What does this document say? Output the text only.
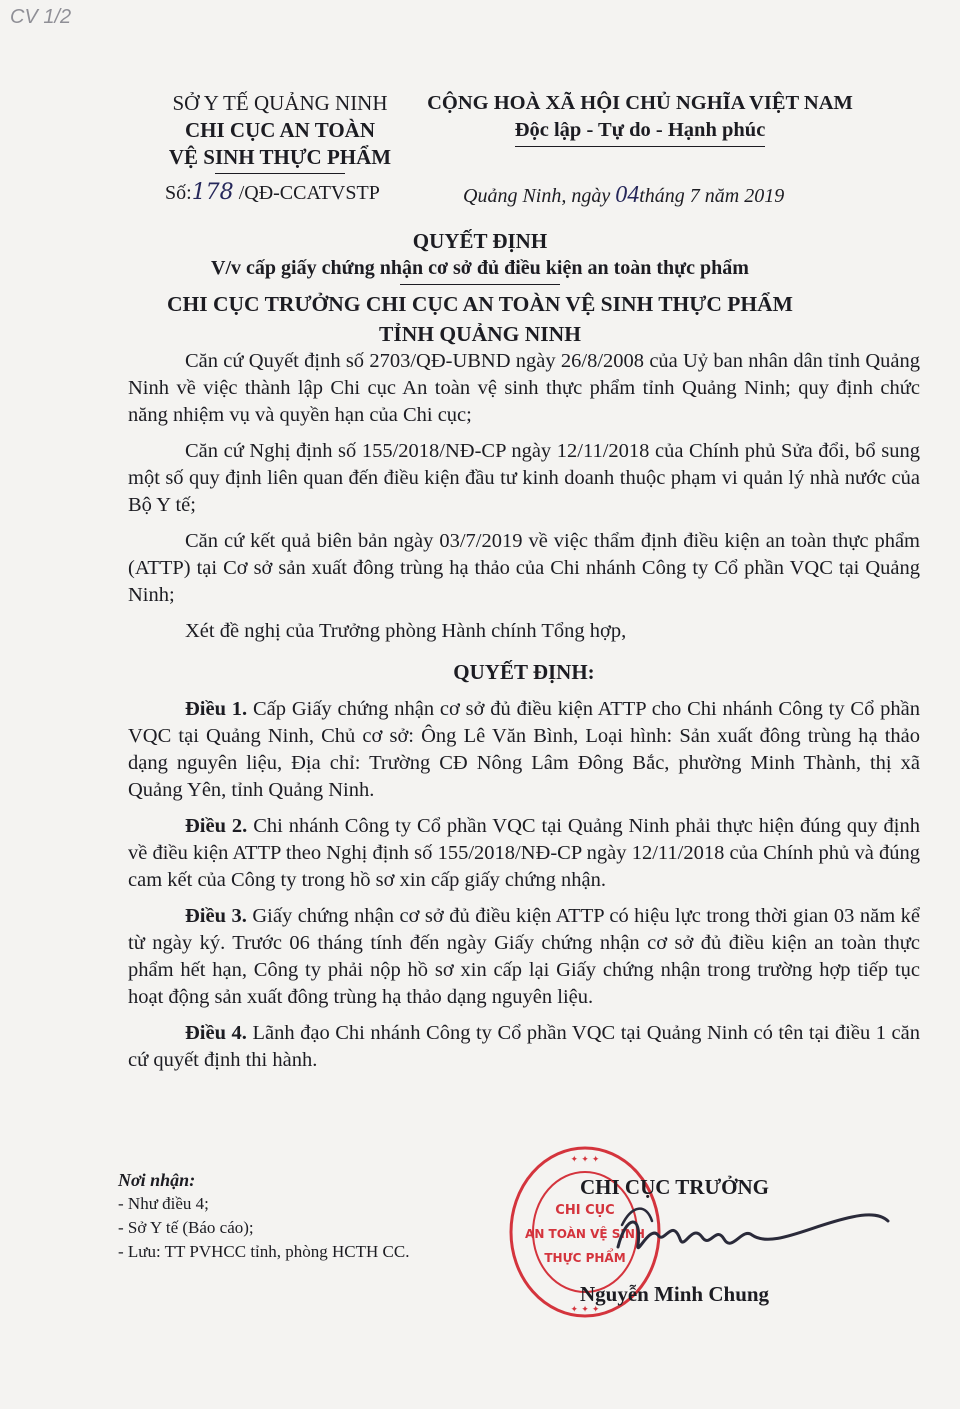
CV 1/2
SỞ Y TẾ QUẢNG NINH
CHI CỤC AN TOÀN
VỆ SINH THỰC PHẨM
CỘNG HOÀ XÃ HỘI CHỦ NGHĨA VIỆT NAM
Độc lập - Tự do - Hạnh phúc
Số:178 /QĐ-CCATVSTP	Quảng Ninh, ngày 04tháng 7 năm 2019
QUYẾT ĐỊNH
V/v cấp giấy chứng nhận cơ sở đủ điều kiện an toàn thực phẩm
CHI CỤC TRƯỞNG CHI CỤC AN TOÀN VỆ SINH THỰC PHẨM
TỈNH QUẢNG NINH

Căn cứ Quyết định số 2703/QĐ-UBND ngày 26/8/2008 của Uỷ ban nhân dân tỉnh Quảng Ninh về việc thành lập Chi cục An toàn vệ sinh thực phẩm tỉnh Quảng Ninh; quy định chức năng nhiệm vụ và quyền hạn của Chi cục;

Căn cứ Nghị định số 155/2018/NĐ-CP ngày 12/11/2018 của Chính phủ Sửa đổi, bổ sung một số quy định liên quan đến điều kiện đầu tư kinh doanh thuộc phạm vi quản lý nhà nước của Bộ Y tế;

Căn cứ kết quả biên bản ngày 03/7/2019 về việc thẩm định điều kiện an toàn thực phẩm (ATTP) tại Cơ sở sản xuất đông trùng hạ thảo của Chi nhánh Công ty Cổ phần VQC tại Quảng Ninh;

Xét đề nghị của Trưởng phòng Hành chính Tổng hợp,

QUYẾT ĐỊNH:

Điều 1. Cấp Giấy chứng nhận cơ sở đủ điều kiện ATTP cho Chi nhánh Công ty Cổ phần VQC tại Quảng Ninh, Chủ cơ sở: Ông Lê Văn Bình, Loại hình: Sản xuất đông trùng hạ thảo dạng nguyên liệu, Địa chỉ: Trường CĐ Nông Lâm Đông Bắc, phường Minh Thành, thị xã Quảng Yên, tỉnh Quảng Ninh.

Điều 2. Chi nhánh Công ty Cổ phần VQC tại Quảng Ninh phải thực hiện đúng quy định về điều kiện ATTP theo Nghị định số 155/2018/NĐ-CP ngày 12/11/2018 của Chính phủ và đúng cam kết của Công ty trong hồ sơ xin cấp giấy chứng nhận.

Điều 3. Giấy chứng nhận cơ sở đủ điều kiện ATTP có hiệu lực trong thời gian 03 năm kể từ ngày ký. Trước 06 tháng tính đến ngày Giấy chứng nhận cơ sở đủ điều kiện an toàn thực phẩm hết hạn, Công ty phải nộp hồ sơ xin cấp lại Giấy chứng nhận trong trường hợp tiếp tục hoạt động sản xuất đông trùng hạ thảo dạng nguyên liệu.

Điều 4. Lãnh đạo Chi nhánh Công ty Cổ phần VQC tại Quảng Ninh có tên tại điều 1 căn cứ quyết định thi hành.

Nơi nhận:
- Như điều 4;
- Sở Y tế (Báo cáo);
- Lưu: TT PVHCC tỉnh, phòng HCTH CC.
✦ ✦ ✦
✦ ✦ ✦
CHI CỤC
AN TOÀN VỆ SINH
THỰC PHẨM
CHI CỤC TRƯỞNG
Nguyễn Minh Chung
